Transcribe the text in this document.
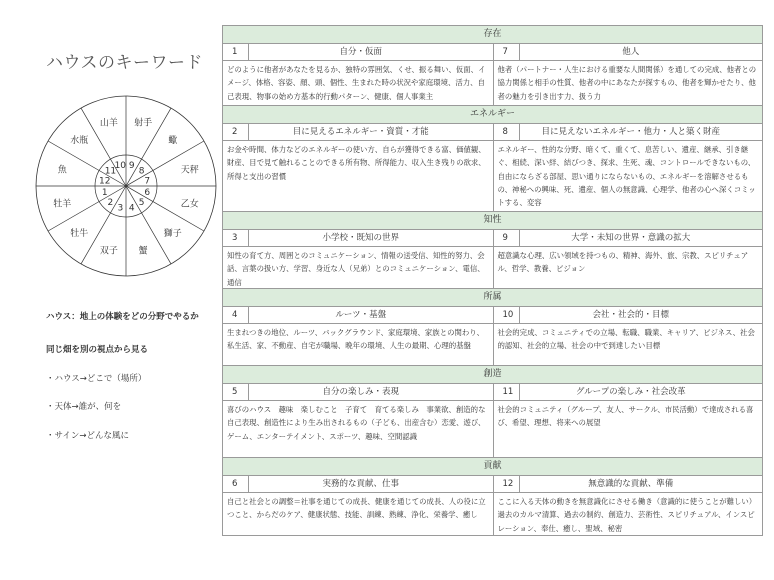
ハウスのキーワード
牡羊
牡牛
双子 蟹
獅子
乙女
天秤
蠍
射手
山羊
水瓶
魚
1
2
3 4
5
6
7
8
9
10
11
12
ハウス：地上の体験をどの分野でやるか
同じ畑を別の視点から見る
・ハウス→どこで（場所）
・天体→誰が、何を
・サイン→どんな風に
存在
1	自分・仮面
どのように他者があなたを見るか、独特の雰囲気、くせ、振る舞い、仮面、イメージ、体格、容姿、顔、頭、個性、生まれた時の状況や家庭環境、活力、自己表現、物事の始め方基本的行動パターン、健康、個人事業主
7	他人
他者（パートナー・人生における重要な人間関係）を通しての完成、他者との協力関係と相手の性質、他者の中にあなたが探すもの、他者を輝かせたり、他者の魅力を引き出す力、扱う力
エネルギー
2	目に見えるエネルギー・資質・才能
お金や時間、体力などのエネルギーの使い方、自らが獲得できる富、価値観、財産、目で見て触れることのできる所有物、所得能力、収入生き残りの欲求、所得と支出の習慣
8	目に見えないエネルギー・他力・人と築く財産
エネルギー、性的な分野、暗くて、重くて、息苦しい、遺産、継承、引き継ぐ、相続、深い絆、結びつき、探求、生死、魂、コントロールできないもの、自由にならざる部屋、思い通りにならないもの、エネルギーを溶解させるもの、神秘への興味、死、遺産、個人の無意識、心理学、他者の心へ深くコミットする、変容
知性
3	小学校・既知の世界
知性の育て方、周囲とのコミュニケーション、情報の送受信、知性的努力、会話、言葉の扱い方、学習、身近な人（兄弟）とのコミュニケーション、電信、通信
9	大学・未知の世界・意識の拡大
超意識な心理、広い領域を持つもの、精神、海外、旅、宗教、スピリチュアル、哲学、教養、ビジョン
所属
4	ルーツ・基盤
生まれつきの地位、ルーツ、バックグラウンド、家庭環境、家族との関わり、私生活、家、不動産、自宅が職場、晩年の環境、人生の最期、心理的基盤
10	会社・社会的・目標
社会的完成、コミュニティでの立場、転職、職業、キャリア、ビジネス、社会的認知、社会的立場、社会の中で到達したい目標
創造
5	自分の楽しみ・表現
喜びのハウス　趣味　楽しむこと　子育て　育てる楽しみ　事業欲、創造的な自己表現、創造性により生み出されるもの（子ども、出産含む）恋愛、遊び、ゲーム、エンターテイメント、スポーツ、趣味、空間認識
11	グループの楽しみ・社会改革
社会的コミュニティ（グループ、友人、サークル、市民活動）で達成される喜び、希望、理想、将来への展望
貢献
6	実務的な貢献、仕事
自己と社会との調整＝社事を通じての成長、健康を通じての成長、人の役に立つこと、からだのケア、健康状態、技能、訓練、熟練、浄化、栄養学、癒し
12	無意識的な貢献、準備
ここに入る天体の動きを無意識化にさせる働き（意識的に使うことが難しい）過去のカルマ清算、過去の制約、創造力、芸術性、スピリチュアル、インスピレーション、奉仕、癒し、聖域、秘密
